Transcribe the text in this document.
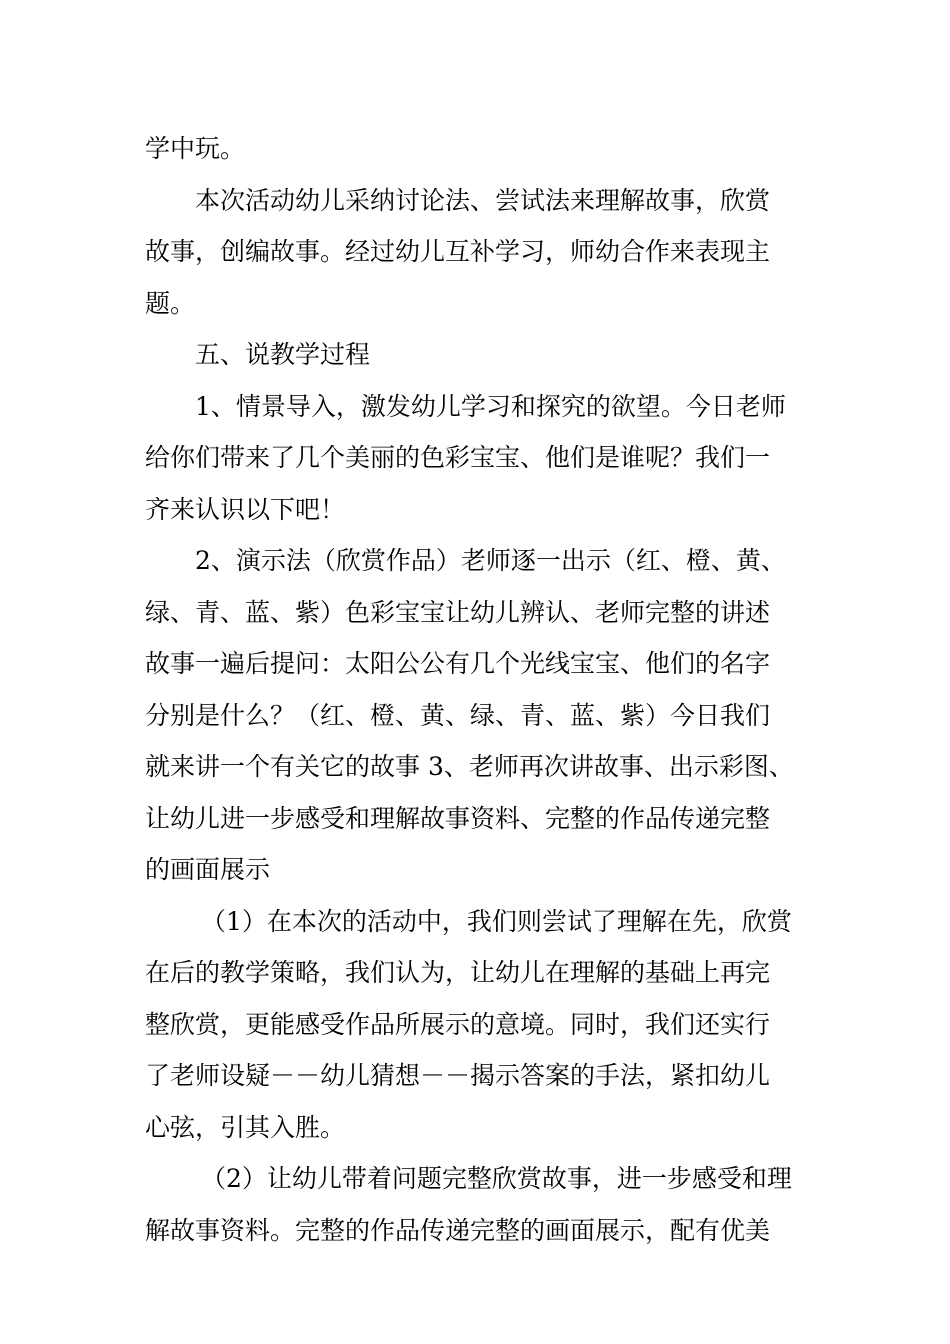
学中玩。
本次活动幼儿采纳讨论法、尝试法来理解故事，欣赏
故事，创编故事。经过幼儿互补学习，师幼合作来表现主
题。
五、说教学过程
1、情景导入，激发幼儿学习和探究的欲望。今日老师
给你们带来了几个美丽的色彩宝宝、他们是谁呢？我们一
齐来认识以下吧！
2、演示法（欣赏作品）老师逐一出示（红、橙、黄、
绿、青、蓝、紫）色彩宝宝让幼儿辨认、老师完整的讲述
故事一遍后提问：太阳公公有几个光线宝宝、他们的名字
分别是什么？（红、橙、黄、绿、青、蓝、紫）今日我们
就来讲一个有关它的故事 3、老师再次讲故事、出示彩图、
让幼儿进一步感受和理解故事资料、完整的作品传递完整
的画面展示
（1）在本次的活动中，我们则尝试了理解在先，欣赏
在后的教学策略，我们认为，让幼儿在理解的基础上再完
整欣赏，更能感受作品所展示的意境。同时，我们还实行
了老师设疑－－幼儿猜想－－揭示答案的手法，紧扣幼儿
心弦，引其入胜。
（2）让幼儿带着问题完整欣赏故事，进一步感受和理
解故事资料。完整的作品传递完整的画面展示，配有优美
